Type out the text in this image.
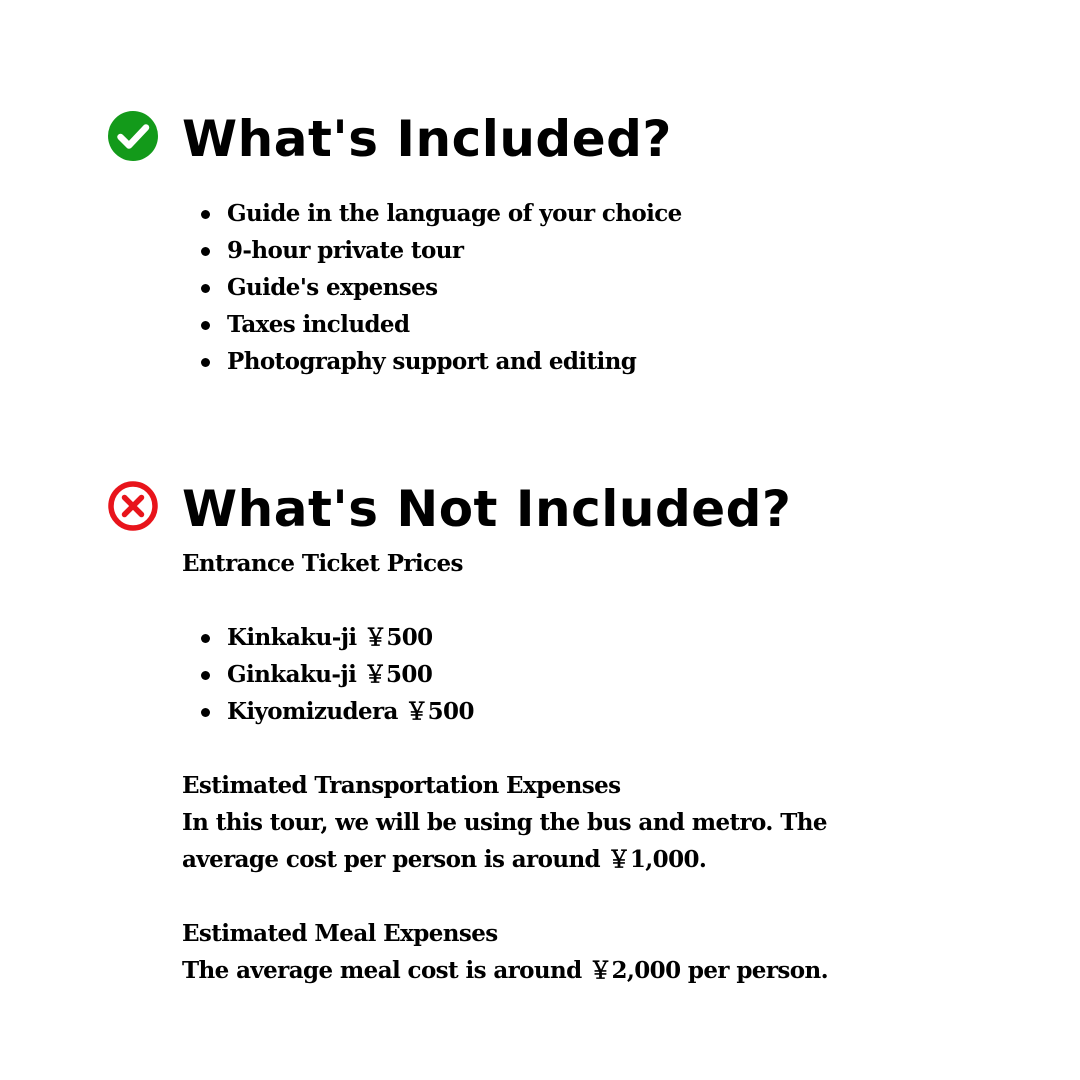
What's Included?
Guide in the language of your choice
9-hour private tour
Guide's expenses
Taxes included
Photography support and editing
What's Not Included?

Entrance Ticket Prices

Kinkaku-ji ￥500
Ginkaku-ji ￥500
Kiyomizudera ￥500

Estimated Transportation Expenses

In this tour, we will be using the bus and metro. The average cost per person is around ￥1,000.

Estimated Meal Expenses

The average meal cost is around ￥2,000 per person.
